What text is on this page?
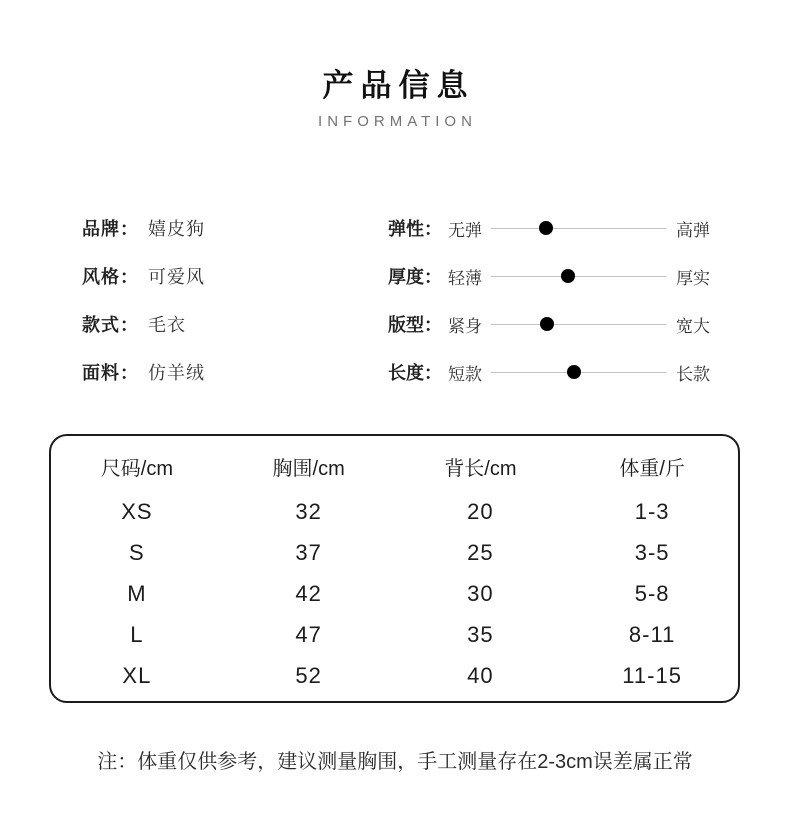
产品信息
INFORMATION
品牌： 嬉皮狗
风格： 可爱风
款式： 毛衣
面料： 仿羊绒
弹性： 无弹	高弹
厚度： 轻薄	厚实
版型： 紧身	宽大
长度： 短款	长款
尺码/cm	胸围/cm	背长/cm	体重/斤
XS	32	20	1-3
S	37	25	3-5
M	42	30	5-8
L	47	35	8-11
XL	52	40	11-15
注：体重仅供参考，建议测量胸围，手工测量存在2-3cm误差属正常
